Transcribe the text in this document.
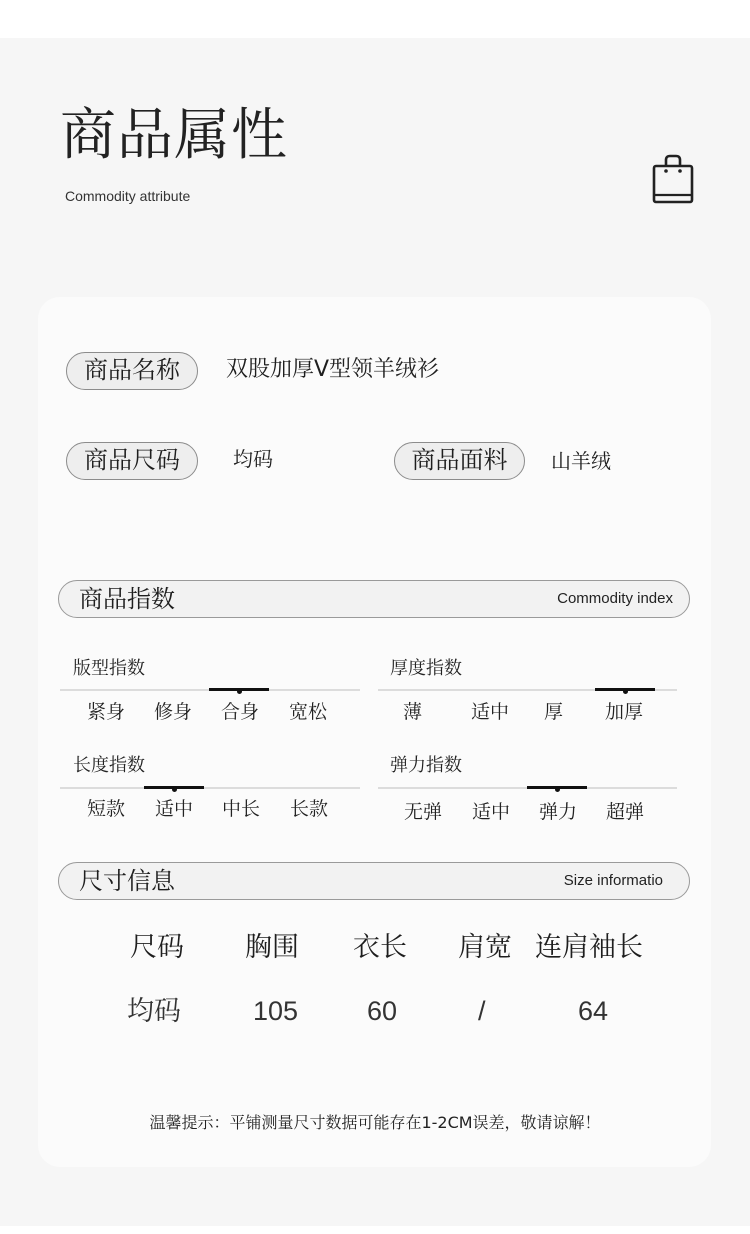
商品属性
Commodity attribute
商品名称	双股加厚V型领羊绒衫
商品尺码	均码	商品面料	山羊绒
商品指数	Commodity index
版型指数
紧身 修身 合身 宽松
厚度指数
薄	适中 厚 加厚
长度指数
短款 适中 中长 长款
弹力指数
无弹 适中 弹力 超弹
尺寸信息	Size informatio
尺码 胸围 衣长 肩宽 连肩袖长
均码	105	60	/	64
温馨提示：平铺测量尺寸数据可能存在1-2CM误差，敬请谅解！
